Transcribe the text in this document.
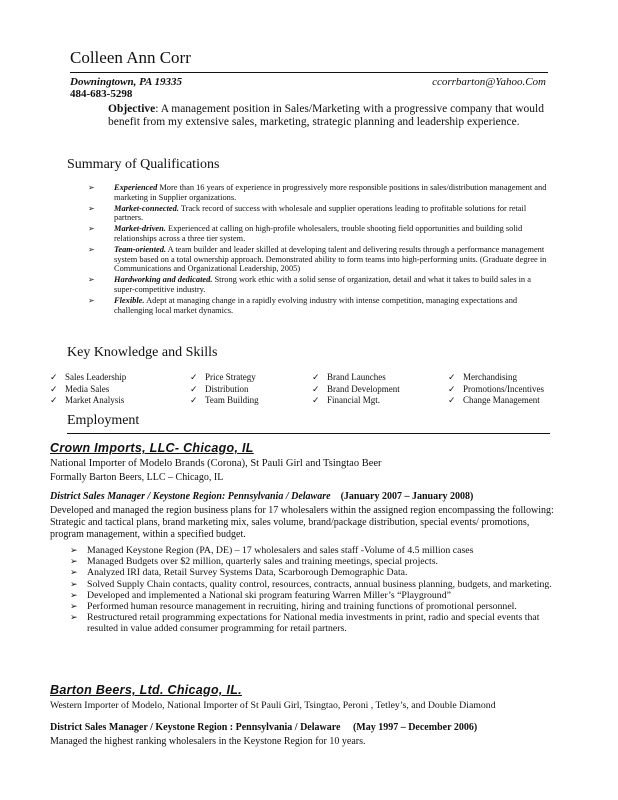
Colleen Ann Corr
Downingtown, PA 19335	ccorrbarton@Yahoo.Com
484-683-5298
Objective: A management position in Sales/Marketing with a progressive company that would benefit from my extensive sales, marketing, strategic planning and leadership experience.
Summary of Qualifications
➢ Experienced More than 16 years of experience in progressively more responsible positions in sales/distribution management and marketing in Supplier organizations.
➢ Market-connected. Track record of success with wholesale and supplier operations leading to profitable solutions for retail partners.
➢ Market-driven. Experienced at calling on high-profile wholesalers, trouble shooting field opportunities and building solid relationships across a three tier system.
➢ Team-oriented. A team builder and leader skilled at developing talent and delivering results through a performance management system based on a total ownership approach. Demonstrated ability to form teams into high-performing units. (Graduate degree in Communications and Organizational Leadership, 2005)
➢ Hardworking and dedicated. Strong work ethic with a solid sense of organization, detail and what it takes to build sales in a super-competitive industry.
➢ Flexible. Adept at managing change in a rapidly evolving industry with intense competition, managing expectations and challenging local market dynamics.
Key Knowledge and Skills
✓ Sales Leadership
✓ Media Sales
✓ Market Analysis
✓ Price Strategy
✓ Distribution
✓ Team Building
✓ Brand Launches
✓ Brand Development
✓ Financial Mgt.
✓ Merchandising
✓ Promotions/Incentives
✓ Change Management
Employment
Crown Imports, LLC- Chicago, IL
National Importer of Modelo Brands (Corona), St Pauli Girl and Tsingtao Beer
Formally Barton Beers, LLC – Chicago, IL
District Sales Manager / Keystone Region: Pennsylvania / Delaware (January 2007 – January 2008)
Developed and managed the region business plans for 17 wholesalers within the assigned region encompassing the following: Strategic and tactical plans, brand marketing mix, sales volume, brand/package distribution, special events/ promotions, program management, within a specified budget.
➢ Managed Keystone Region (PA, DE) – 17 wholesalers and sales staff -Volume of 4.5 million cases
➢ Managed Budgets over $2 million, quarterly sales and training meetings, special projects.
➢ Analyzed IRI data, Retail Survey Systems Data, Scarborough Demographic Data.
➢ Solved Supply Chain contacts, quality control, resources, contracts, annual business planning, budgets, and marketing.
➢ Developed and implemented a National ski program featuring Warren Miller’s “Playground”
➢ Performed human resource management in recruiting, hiring and training functions of promotional personnel.
➢ Restructured retail programming expectations for National media investments in print, radio and special events that resulted in value added consumer programming for retail partners.
Barton Beers, Ltd. Chicago, IL.
Western Importer of Modelo, National Importer of St Pauli Girl, Tsingtao, Peroni , Tetley’s, and Double Diamond
District Sales Manager / Keystone Region : Pennsylvania / Delaware (May 1997 – December 2006)
Managed the highest ranking wholesalers in the Keystone Region for 10 years.
